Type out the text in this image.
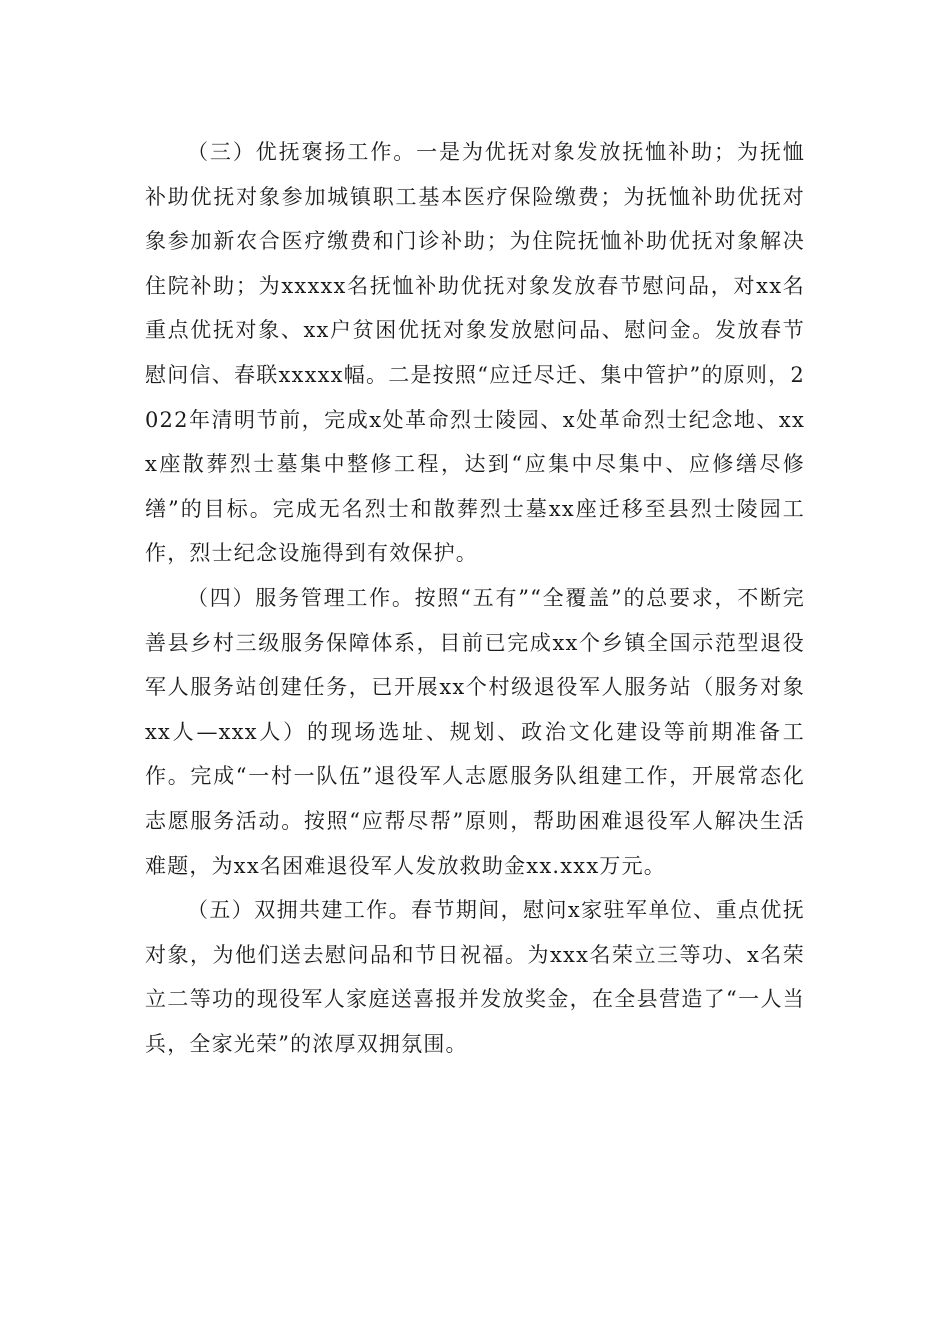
（三）优抚褒扬工作。一是为优抚对象发放抚恤补助；为抚恤补助优抚对象参加城镇职工基本医疗保险缴费；为抚恤补助优抚对象参加新农合医疗缴费和门诊补助；为住院抚恤补助优抚对象解决住院补助；为xxxxx名抚恤补助优抚对象发放春节慰问品，对xx名重点优抚对象、xx户贫困优抚对象发放慰问品、慰问金。发放春节慰问信、春联xxxxx幅。二是按照“应迁尽迁、集中管护”的原则，2022年清明节前，完成x处革命烈士陵园、x处革命烈士纪念地、xxx座散葬烈士墓集中整修工程，达到“应集中尽集中、应修缮尽修缮”的目标。完成无名烈士和散葬烈士墓xx座迁移至县烈士陵园工作，烈士纪念设施得到有效保护。

（四）服务管理工作。按照“五有”“全覆盖”的总要求，不断完善县乡村三级服务保障体系，目前已完成xx个乡镇全国示范型退役军人服务站创建任务，已开展xx个村级退役军人服务站（服务对象xx人—xxx人）的现场选址、规划、政治文化建设等前期准备工作。完成“一村一队伍”退役军人志愿服务队组建工作，开展常态化志愿服务活动。按照“应帮尽帮”原则，帮助困难退役军人解决生活难题，为xx名困难退役军人发放救助金xx.xxx万元。

（五）双拥共建工作。春节期间，慰问x家驻军单位、重点优抚对象，为他们送去慰问品和节日祝福。为xxx名荣立三等功、x名荣立二等功的现役军人家庭送喜报并发放奖金，在全县营造了“一人当兵，全家光荣”的浓厚双拥氛围。
